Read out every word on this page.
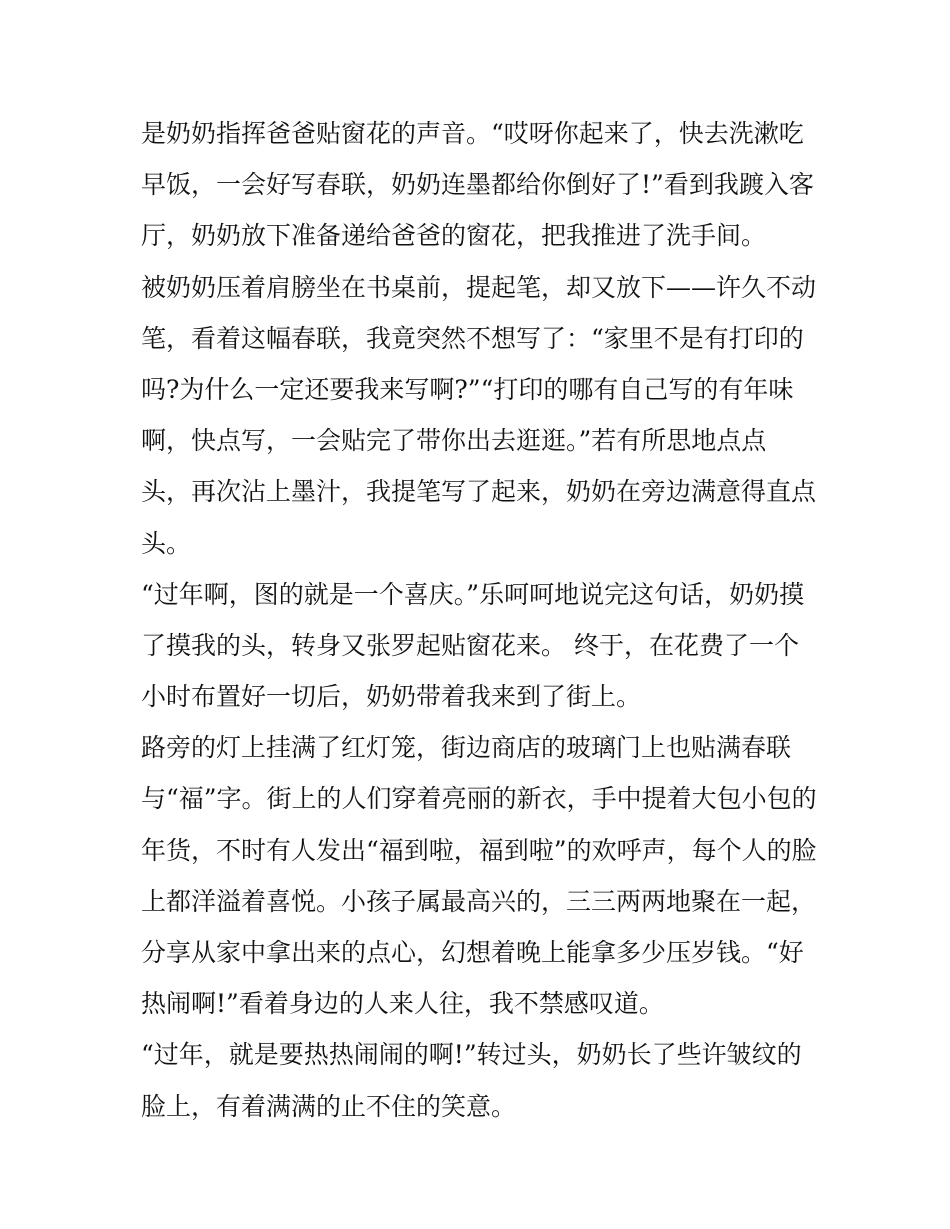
是奶奶指挥爸爸贴窗花的声音。“哎呀你起来了，快去洗漱吃
早饭，一会好写春联，奶奶连墨都给你倒好了!”看到我踱入客
厅，奶奶放下准备递给爸爸的窗花，把我推进了洗手间。
被奶奶压着肩膀坐在书桌前，提起笔，却又放下——许久不动
笔，看着这幅春联，我竟突然不想写了：“家里不是有打印的
吗?为什么一定还要我来写啊?”“打印的哪有自己写的有年味
啊，快点写，一会贴完了带你出去逛逛。”若有所思地点点
头，再次沾上墨汁，我提笔写了起来，奶奶在旁边满意得直点
头。
“过年啊，图的就是一个喜庆。”乐呵呵地说完这句话，奶奶摸
了摸我的头，转身又张罗起贴窗花来。 终于，在花费了一个
小时布置好一切后，奶奶带着我来到了街上。
路旁的灯上挂满了红灯笼，街边商店的玻璃门上也贴满春联
与“福”字。街上的人们穿着亮丽的新衣，手中提着大包小包的
年货，不时有人发出“福到啦，福到啦”的欢呼声，每个人的脸
上都洋溢着喜悦。小孩子属最高兴的，三三两两地聚在一起，
分享从家中拿出来的点心，幻想着晚上能拿多少压岁钱。“好
热闹啊!”看着身边的人来人往，我不禁感叹道。
“过年，就是要热热闹闹的啊!”转过头，奶奶长了些许皱纹的
脸上，有着满满的止不住的笑意。
